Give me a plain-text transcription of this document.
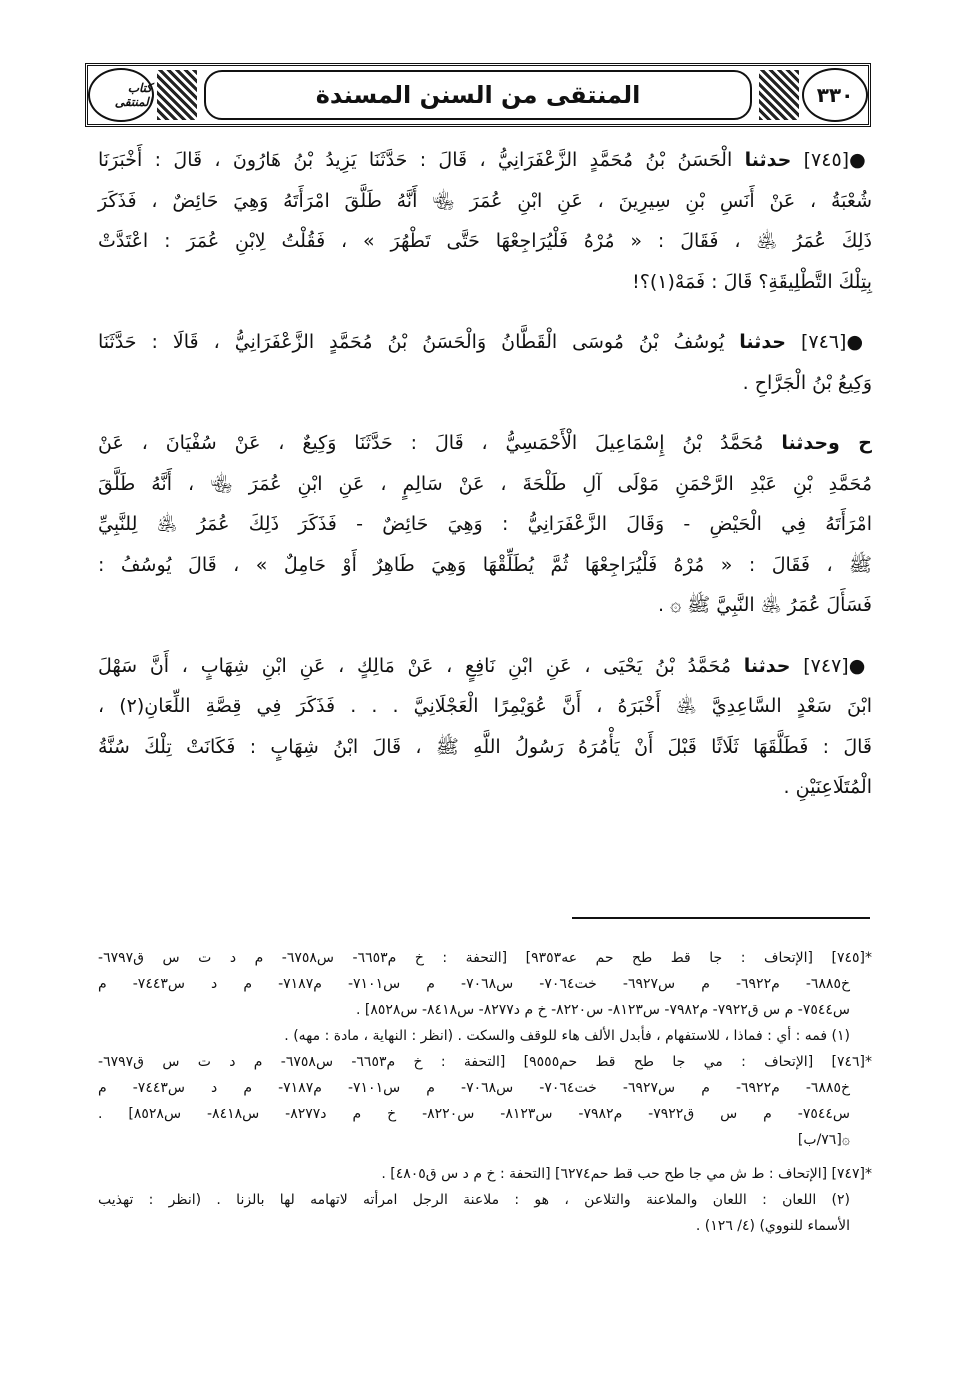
كتاب المنتقى	المنتقى من السنن المسندة	٣٣٠
●[٧٤٥] حدثنا الْحَسَنُ بْنُ مُحَمَّدٍ الزَّعْفَرَانِيُّ ، قَالَ : حَدَّثَنَا يَزِيدُ بْنُ هَارُونَ ، قَالَ : أَخْبَرَنَا
شُعْبَةُ ، عَنْ أَنَسِ بْنِ سِيرِينَ ، عَنِ ابْنِ عُمَرَ ﵄ أَنَّهُ طَلَّقَ امْرَأَتَهُ وَهِيَ حَائِضٌ ، فَذَكَرَ
ذَلِكَ عُمَرُ ﵁ ، فَقَالَ : « مُرْهُ فَلْيُرَاجِعْهَا حَتَّى تَطْهُرَ » ، فَقُلْتُ لِابْنِ عُمَرَ : اعْتَدَّتْ
بِتِلْكَ التَّطْلِيقَةِ؟ قَالَ : فَمَهْ(١)؟!
●[٧٤٦] حدثنا يُوسُفُ بْنُ مُوسَى الْقَطَّانُ وَالْحَسَنُ بْنُ مُحَمَّدٍ الزَّعْفَرَانِيُّ ، قَالَا : حَدَّثَنَا
وَكِيعُ بْنُ الْجَرَّاحِ .
ح وحدثنا مُحَمَّدُ بْنُ إِسْمَاعِيلَ الْأَحْمَسِيُّ ، قَالَ : حَدَّثَنَا وَكِيعٌ ، عَنْ سُفْيَانَ ، عَنْ
مُحَمَّدِ بْنِ عَبْدِ الرَّحْمَنِ مَوْلَى آلِ طَلْحَةَ ، عَنْ سَالِمٍ ، عَنِ ابْنِ عُمَرَ ﵄ ، أَنَّهُ طَلَّقَ
امْرَأَتَهُ فِي الْحَيْضِ - وَقَالَ الزَّعْفَرَانِيُّ : وَهِيَ حَائِضٌ - فَذَكَرَ ذَلِكَ عُمَرُ ﵁ لِلنَّبِيِّ
ﷺ ، فَقَالَ : « مُرْهُ فَلْيُرَاجِعْهَا ثُمَّ يُطَلِّقْهَا وَهِيَ طَاهِرٌ أَوْ حَامِلٌ » ، قَالَ يُوسُفُ :
فَسَأَلَ عُمَرُ ﵁ النَّبِيَّ ﷺ ۞ .
●[٧٤٧] حدثنا مُحَمَّدُ بْنُ يَحْيَى ، عَنِ ابْنِ نَافِعٍ ، عَنْ مَالِكٍ ، عَنِ ابْنِ شِهَابٍ ، أَنَّ سَهْلَ
ابْنَ سَعْدٍ السَّاعِدِيَّ ﵁ أَخْبَرَهُ ، أَنَّ عُوَيْمِرًا الْعَجْلَانِيَّ . . . فَذَكَرَ فِي قِصَّةِ اللِّعَانِ(٢) ،
قَالَ : فَطَلَّقَهَا ثَلَاثًا قَبْلَ أَنْ يَأْمُرَهُ رَسُولُ اللَّهِ ﷺ ، قَالَ ابْنُ شِهَابٍ : فَكَانَتْ تِلْكَ سُنَّةُ
الْمُتَلَاعِنَيْنِ .
*[٧٤٥] [الإتحاف : جا قط طح حم عه٩٣٥٣] [التحفة : خ م٦٦٥٣- س٦٧٥٨- م د ت س ق٦٧٩٧-
خ٦٨٨٥- م٦٩٢٢- م س٦٩٢٧- خت٧٠٦٤- س٧٠٦٨- م س٧١٠١- م٧١٨٧- م د س٧٤٤٣- م
س٧٥٤٤- م س ق٧٩٢٢- م٧٩٨٢- س٨١٢٣- س٨٢٢٠- خ م د٨٢٧٧- س٨٤١٨- س٨٥٢٨] .
(١) فمه : أي : فماذا ، للاستفهام ، فأبدل الألف هاء للوقف والسكت . (انظر : النهاية ، مادة : مهه) .
*[٧٤٦] [الإتحاف : مي جا طح قط حم٩٥٥٥] [التحفة : خ م٦٦٥٣- س٦٧٥٨- م د ت س ق٦٧٩٧-
خ٦٨٨٥- م٦٩٢٢- م س٦٩٢٧- خت٧٠٦٤- س٧٠٦٨- م س٧١٠١- م٧١٨٧- م د س٧٤٤٣- م
س٧٥٤٤- م س ق٧٩٢٢- م٧٩٨٢- س٨١٢٣- س٨٢٢٠- خ م د٨٢٧٧- س٨٤١٨- س٨٥٢٨] .
۞[٧٦/ب]
*[٧٤٧] [الإتحاف : ط ش مي جا طح حب قط حم٦٢٧٤] [التحفة : خ م د س ق٤٨٠٥] .
(٢) اللعان : اللعان والملاعنة والتلاعن ، هو : ملاعنة الرجل امرأته لاتهامه لها بالزنا . (انظر : تهذيب
الأسماء للنووي) (٤/ ١٢٦) .
